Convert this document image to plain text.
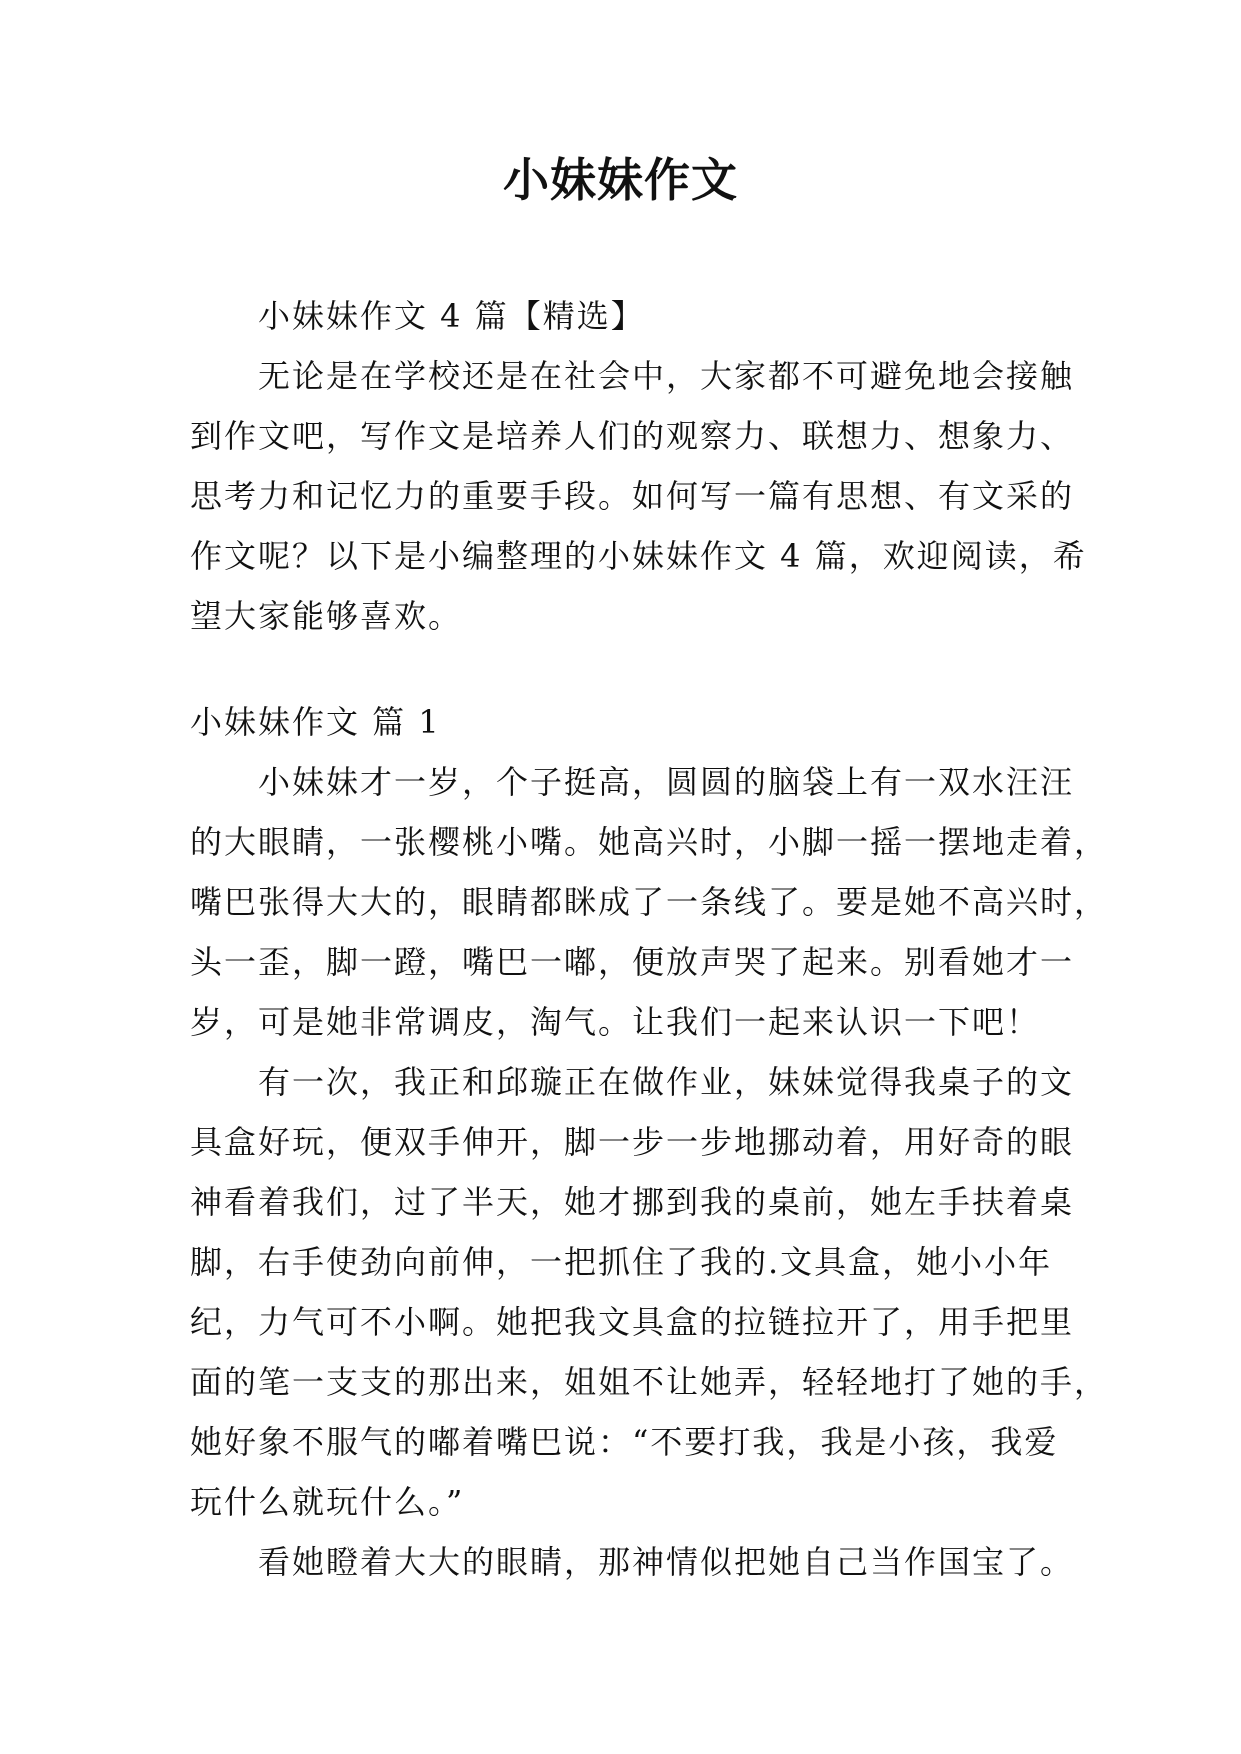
小妹妹作文
小妹妹作文 4 篇【精选】
无论是在学校还是在社会中，大家都不可避免地会接触
到作文吧，写作文是培养人们的观察力、联想力、想象力、
思考力和记忆力的重要手段。如何写一篇有思想、有文采的
作文呢？以下是小编整理的小妹妹作文 4 篇，欢迎阅读，希
望大家能够喜欢。
小妹妹作文 篇 1
小妹妹才一岁，个子挺高，圆圆的脑袋上有一双水汪汪
的大眼睛，一张樱桃小嘴。她高兴时，小脚一摇一摆地走着，
嘴巴张得大大的，眼睛都眯成了一条线了。要是她不高兴时，
头一歪，脚一蹬，嘴巴一嘟，便放声哭了起来。别看她才一
岁，可是她非常调皮，淘气。让我们一起来认识一下吧！
有一次，我正和邱璇正在做作业，妹妹觉得我桌子的文
具盒好玩，便双手伸开，脚一步一步地挪动着，用好奇的眼
神看着我们，过了半天，她才挪到我的桌前，她左手扶着桌
脚，右手使劲向前伸，一把抓住了我的.文具盒，她小小年
纪，力气可不小啊。她把我文具盒的拉链拉开了，用手把里
面的笔一支支的那出来，姐姐不让她弄，轻轻地打了她的手，
她好象不服气的嘟着嘴巴说：“不要打我，我是小孩，我爱
玩什么就玩什么。”
看她瞪着大大的眼睛，那神情似把她自己当作国宝了。
